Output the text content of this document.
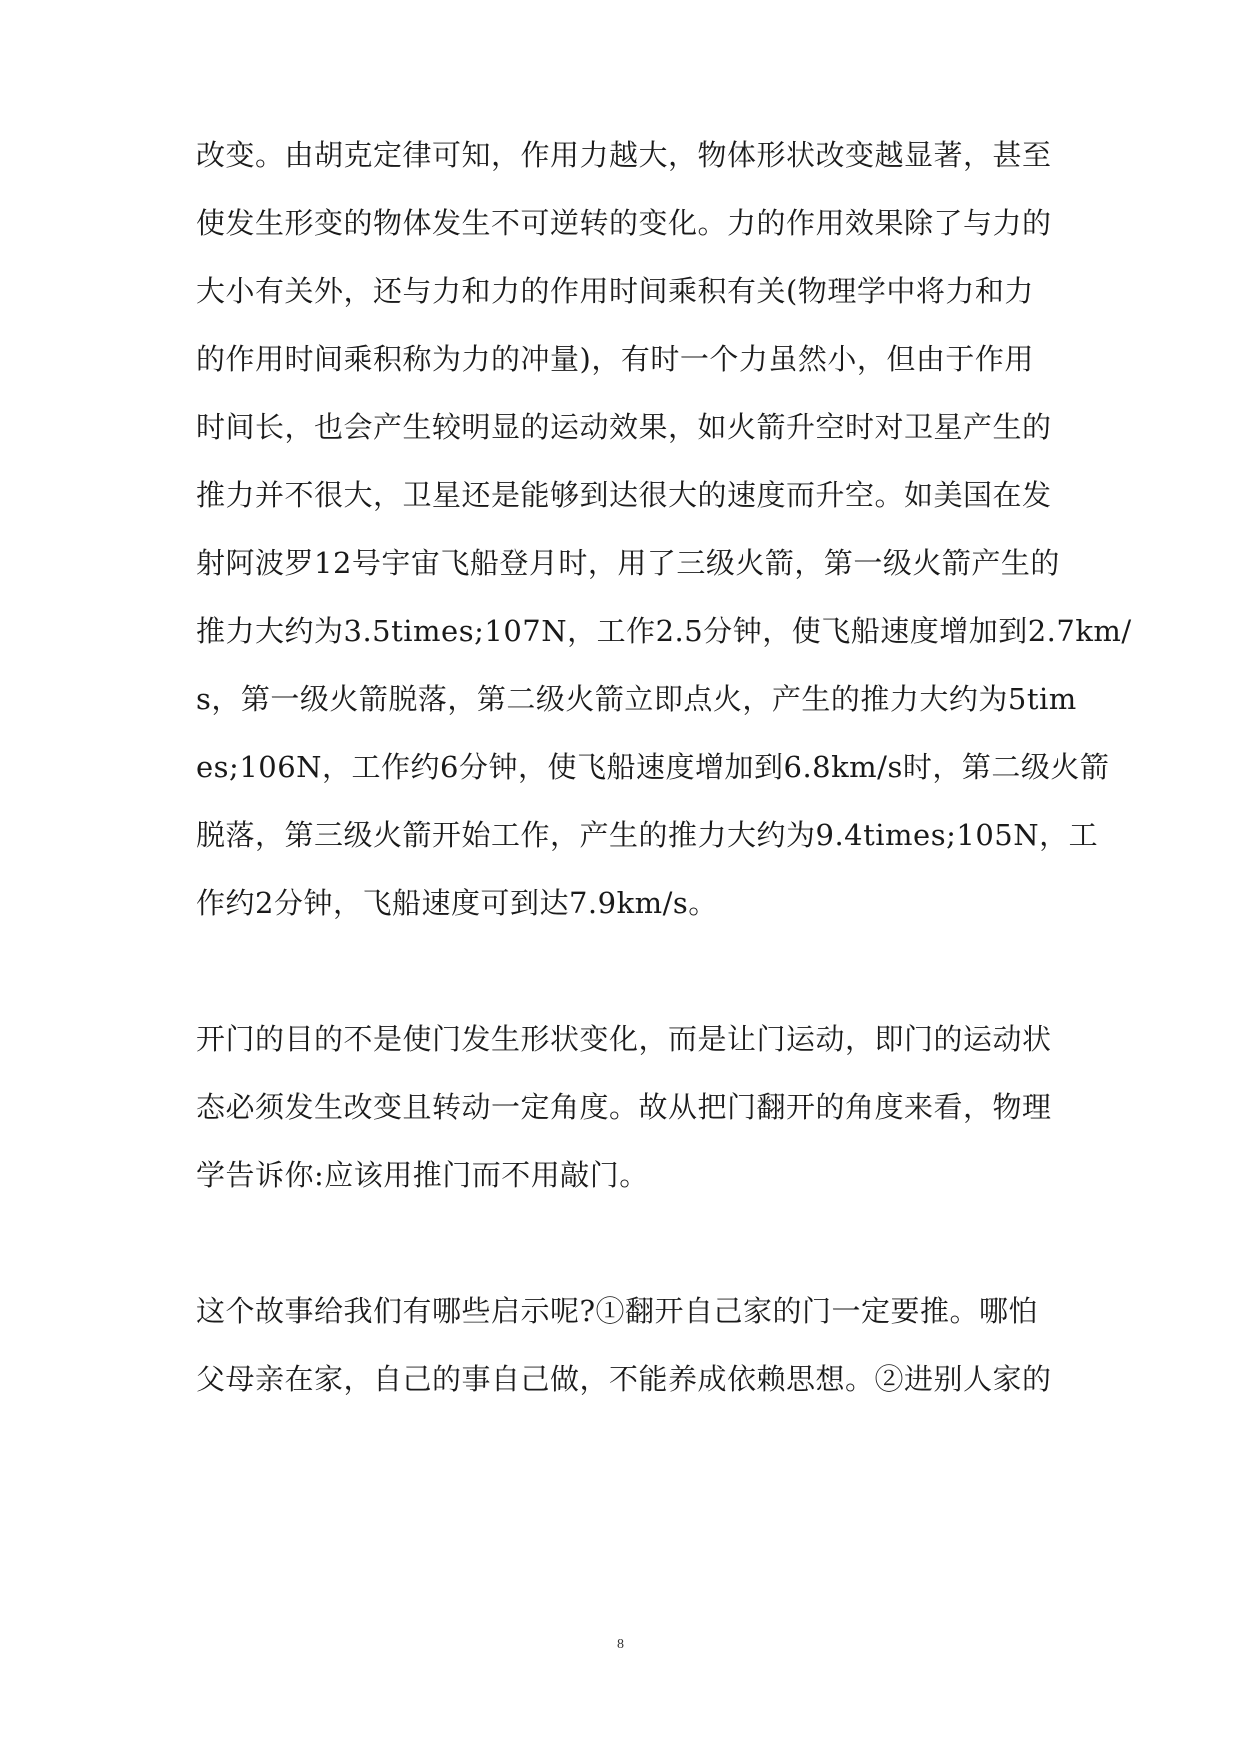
改变。由胡克定律可知，作用力越大，物体形状改变越显著，甚至
使发生形变的物体发生不可逆转的变化。力的作用效果除了与力的
大小有关外，还与力和力的作用时间乘积有关(物理学中将力和力
的作用时间乘积称为力的冲量)，有时一个力虽然小，但由于作用
时间长，也会产生较明显的运动效果，如火箭升空时对卫星产生的
推力并不很大，卫星还是能够到达很大的速度而升空。如美国在发
射阿波罗12号宇宙飞船登月时，用了三级火箭，第一级火箭产生的
推力大约为3.5times;107N，工作2.5分钟，使飞船速度增加到2.7km/
s，第一级火箭脱落，第二级火箭立即点火，产生的推力大约为5tim
es;106N，工作约6分钟，使飞船速度增加到6.8km/s时，第二级火箭
脱落，第三级火箭开始工作，产生的推力大约为9.4times;105N，工
作约2分钟，飞船速度可到达7.9km/s。
开门的目的不是使门发生形状变化，而是让门运动，即门的运动状
态必须发生改变且转动一定角度。故从把门翻开的角度来看，物理
学告诉你:应该用推门而不用敲门。
这个故事给我们有哪些启示呢?①翻开自己家的门一定要推。哪怕
父母亲在家，自己的事自己做，不能养成依赖思想。②进别人家的
8
